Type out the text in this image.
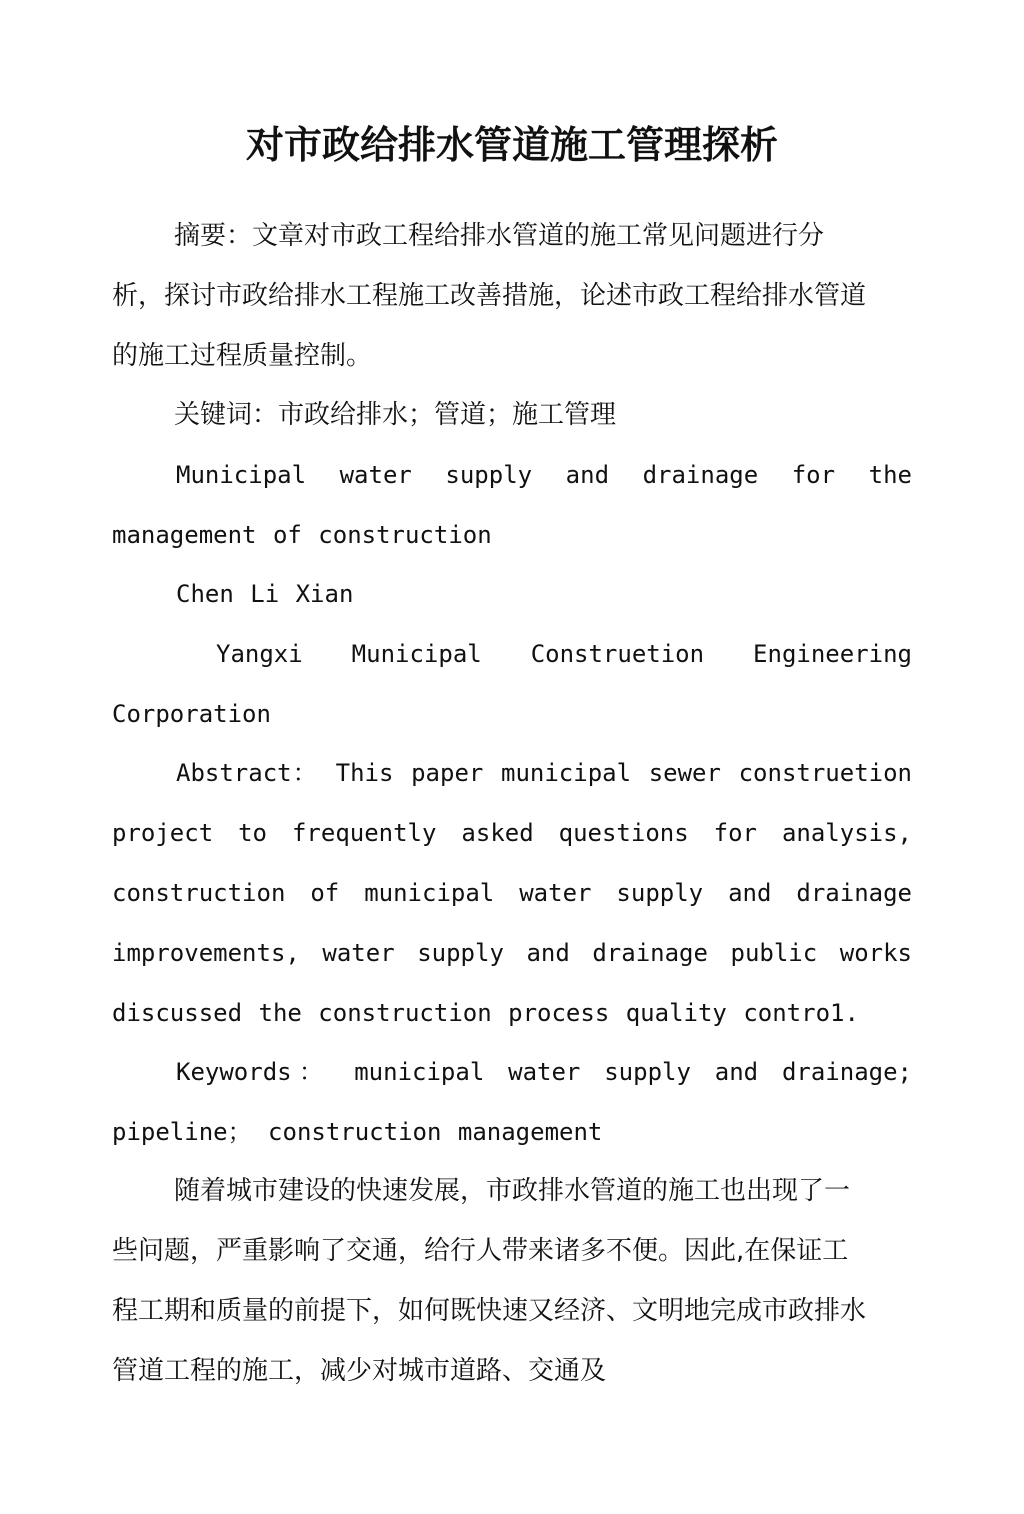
对市政给排水管道施工管理探析

摘要：文章对市政工程给排水管道的施工常见问题进行分析，探讨市政给排水工程施工改善措施，论述市政工程给排水管道的施工过程质量控制。

关键词：市政给排水；管道；施工管理

Municipal water supply and drainage for the management of construction

Chen Li Xian

Yangxi Municipal Construetion Engineering Corporation

Abstract： This paper municipal sewer construetion project to frequently asked questions for analysis, construction of municipal water supply and drainage improvements, water supply and drainage public works discussed the construction process quality contro1.

Keywords： municipal water supply and drainage; pipeline； construction management

随着城市建设的快速发展，市政排水管道的施工也出现了一些问题，严重影响了交通，给行人带来诸多不便。因此,在保证工程工期和质量的前提下，如何既快速又经济、文明地完成市政排水管道工程的施工，减少对城市道路、交通及
